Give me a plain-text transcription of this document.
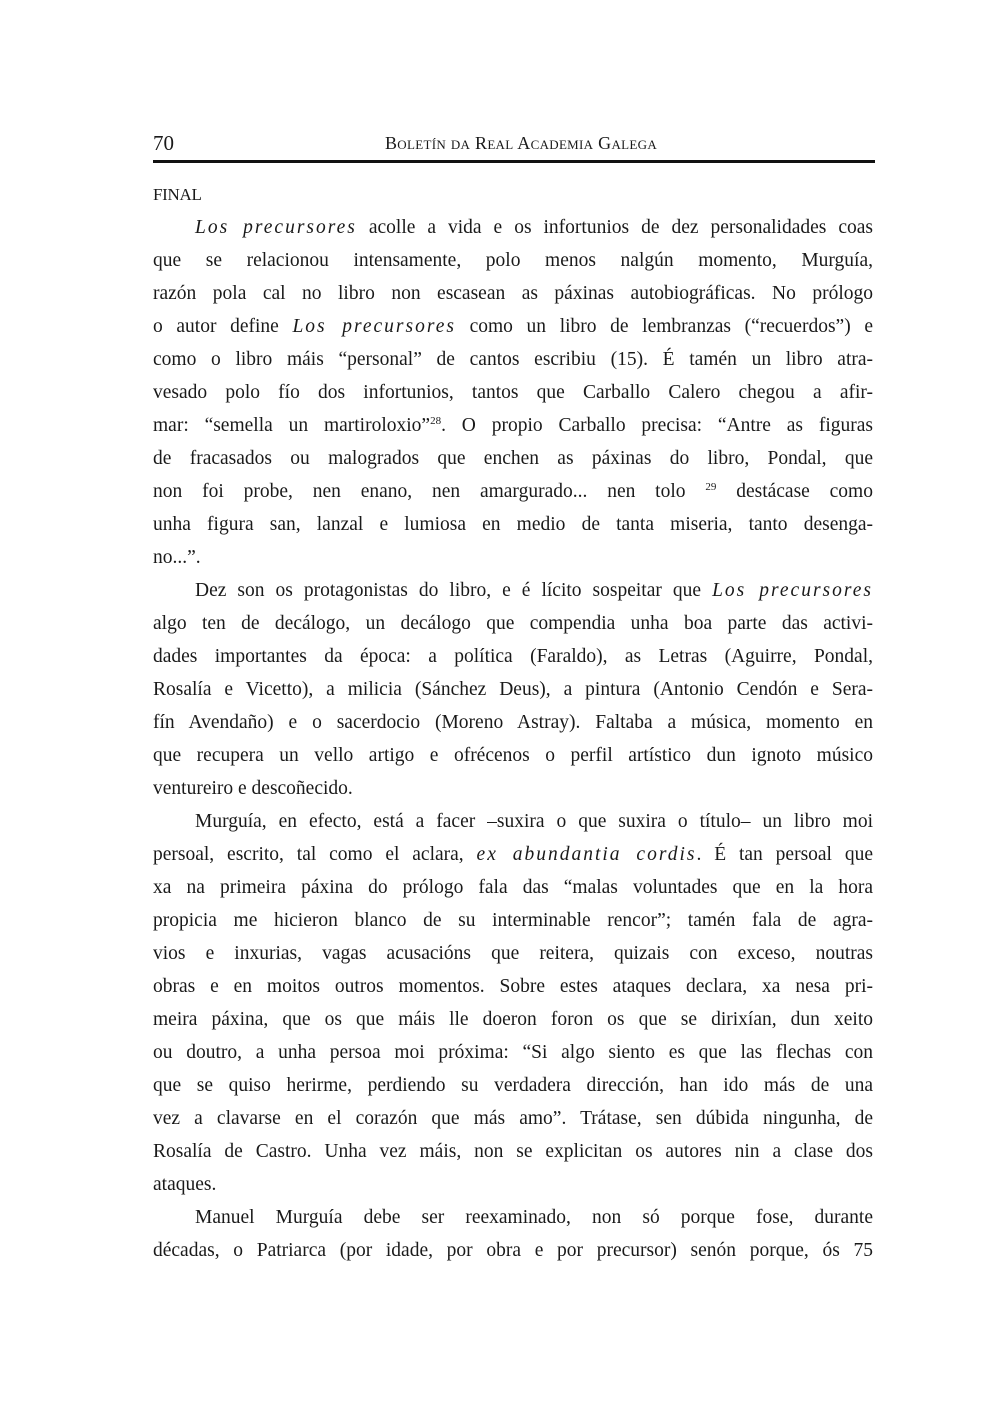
70	Boletín da Real Academia Galega
FINAL
Los precursores acolle a vida e os infortunios de dez personalidades coas
que se relacionou intensamente, polo menos nalgún momento, Murguía,
razón pola cal no libro non escasean as páxinas autobiográficas. No prólogo
o autor define Los precursores como un libro de lembranzas (“recuerdos”) e
como o libro máis “personal” de cantos escribiu (15). É tamén un libro atra-
vesado polo fío dos infortunios, tantos que Carballo Calero chegou a afir-
mar: “semella un martiroloxio”$^{28}$. O propio Carballo precisa: “Antre as figuras
de fracasados ou malogrados que enchen as páxinas do libro, Pondal, que
non foi probe, nen enano, nen amargurado... nen tolo $^{29}$ destácase como
unha figura san, lanzal e lumiosa en medio de tanta miseria, tanto desenga-
no...”.
Dez son os protagonistas do libro, e é lícito sospeitar que Los precursores
algo ten de decálogo, un decálogo que compendia unha boa parte das activi-
dades importantes da época: a política (Faraldo), as Letras (Aguirre, Pondal,
Rosalía e Vicetto), a milicia (Sánchez Deus), a pintura (Antonio Cendón e Sera-
fín Avendaño) e o sacerdocio (Moreno Astray). Faltaba a música, momento en
que recupera un vello artigo e ofrécenos o perfil artístico dun ignoto músico
ventureiro e descoñecido.
Murguía, en efecto, está a facer –suxira o que suxira o título– un libro moi
persoal, escrito, tal como el aclara, ex abundantia cordis. É tan persoal que
xa na primeira páxina do prólogo fala das “malas voluntades que en la hora
propicia me hicieron blanco de su interminable rencor”; tamén fala de agra-
vios e inxurias, vagas acusacións que reitera, quizais con exceso, noutras
obras e en moitos outros momentos. Sobre estes ataques declara, xa nesa pri-
meira páxina, que os que máis lle doeron foron os que se dirixían, dun xeito
ou doutro, a unha persoa moi próxima: “Si algo siento es que las flechas con
que se quiso herirme, perdiendo su verdadera dirección, han ido más de una
vez a clavarse en el corazón que más amo”. Trátase, sen dúbida ningunha, de
Rosalía de Castro. Unha vez máis, non se explicitan os autores nin a clase dos
ataques.
Manuel Murguía debe ser reexaminado, non só porque fose, durante
décadas, o Patriarca (por idade, por obra e por precursor) senón porque, ós 75
